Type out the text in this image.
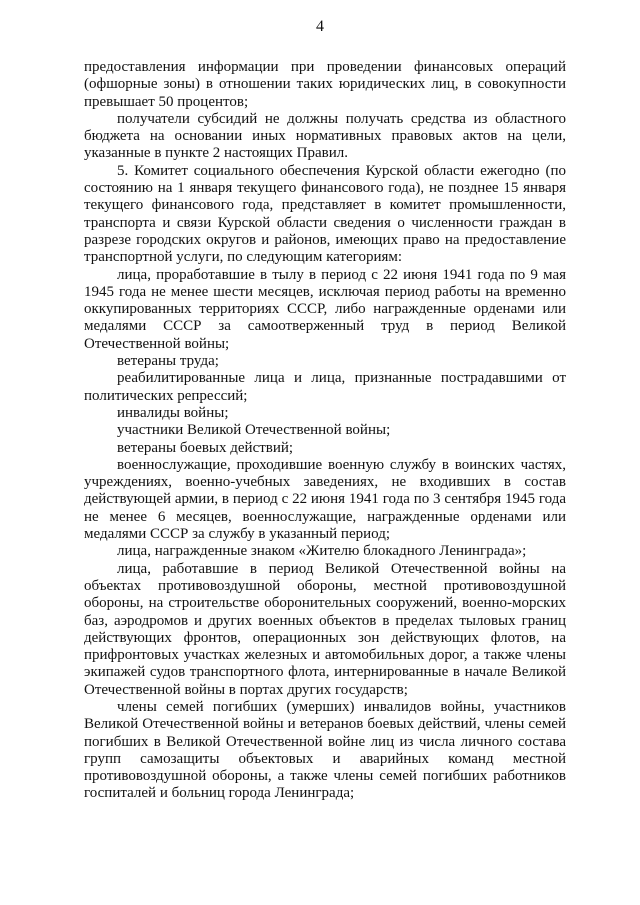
4

предоставления информации при проведении финансовых операций (офшорные зоны) в отношении таких юридических лиц, в совокупности превышает 50 процентов;

получатели субсидий не должны получать средства из областного бюджета на основании иных нормативных правовых актов на цели, указанные в пункте 2 настоящих Правил.

5. Комитет социального обеспечения Курской области ежегодно (по состоянию на 1 января текущего финансового года), не позднее 15 января текущего финансового года, представляет в комитет промышленности, транспорта и связи Курской области сведения о численности граждан в разрезе городских округов и районов, имеющих право на предоставление транспортной услуги, по следующим категориям:

лица, проработавшие в тылу в период с 22 июня 1941 года по 9 мая 1945 года не менее шести месяцев, исключая период работы на временно оккупированных территориях СССР, либо награжденные орденами или медалями СССР за самоотверженный труд в период Великой Отечественной войны;

ветераны труда;

реабилитированные лица и лица, признанные пострадавшими от политических репрессий;

инвалиды войны;

участники Великой Отечественной войны;

ветераны боевых действий;

военнослужащие, проходившие военную службу в воинских частях, учреждениях, военно-учебных заведениях, не входивших в состав действующей армии, в период с 22 июня 1941 года по 3 сентября 1945 года не менее 6 месяцев, военнослужащие, награжденные орденами или медалями СССР за службу в указанный период;

лица, награжденные знаком «Жителю блокадного Ленинграда»;

лица, работавшие в период Великой Отечественной войны на объектах противовоздушной обороны, местной противовоздушной обороны, на строительстве оборонительных сооружений, военно-морских баз, аэродромов и других военных объектов в пределах тыловых границ действующих фронтов, операционных зон действующих флотов, на прифронтовых участках железных и автомобильных дорог, а также члены экипажей судов транспортного флота, интернированные в начале Великой Отечественной войны в портах других государств;

члены семей погибших (умерших) инвалидов войны, участников Великой Отечественной войны и ветеранов боевых действий, члены семей погибших в Великой Отечественной войне лиц из числа личного состава групп самозащиты объектовых и аварийных команд местной противовоздушной обороны, а также члены семей погибших работников госпиталей и больниц города Ленинграда;
